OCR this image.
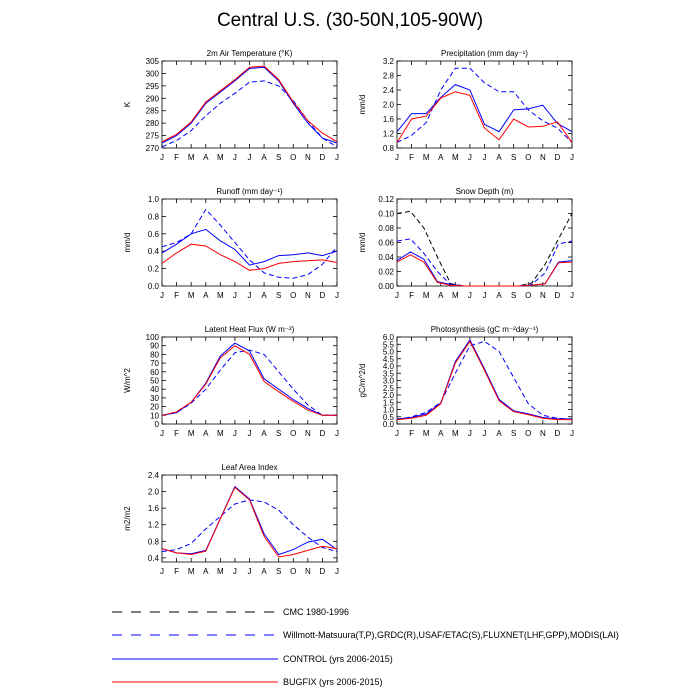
Central U.S. (30-50N,105-90W)
2m Air Temperature (°K)
K
270
275
280
285
290
295
300
305
J F M A M J J A S O N D J
Precipitation (mm day⁻¹)
mm/d
0.8
1.2
1.6
2.0
2.4
2.8
3.2
J F M A M J J A S O N D J
Runoff (mm day⁻¹)
mm/d
0.0
0.2
0.4
0.6
0.8
1.0
J F M A M J J A S O N D J
Snow Depth (m)
mm/d
0.00
0.02
0.04
0.06
0.08
0.10
0.12
J F M A M J J A S O N D J
Latent Heat Flux (W m⁻²)
W/m^2
0
10
20
30
40
50
60
70
80
90
100
J F M A M J J A S O N D J
Photosynthesis (gC m⁻²day⁻¹)
gC/m^2/d
0.0
0.5
1.0
1.5
2.0
2.5
3.0
3.5
4.0
4.5
5.0
5.5
6.0
J F M A M J J A S O N D J
Leaf Area Index
m2/m2
0.4
0.8
1.2
1.6
2.0
2.4
J F M A M J J A S O N D J
CMC 1980-1996
Willmott-Matsuura(T,P),GRDC(R),USAF/ETAC(S),FLUXNET(LHF,GPP),MODIS(LAI)
CONTROL (yrs 2006-2015)
BUGFIX (yrs 2006-2015)
